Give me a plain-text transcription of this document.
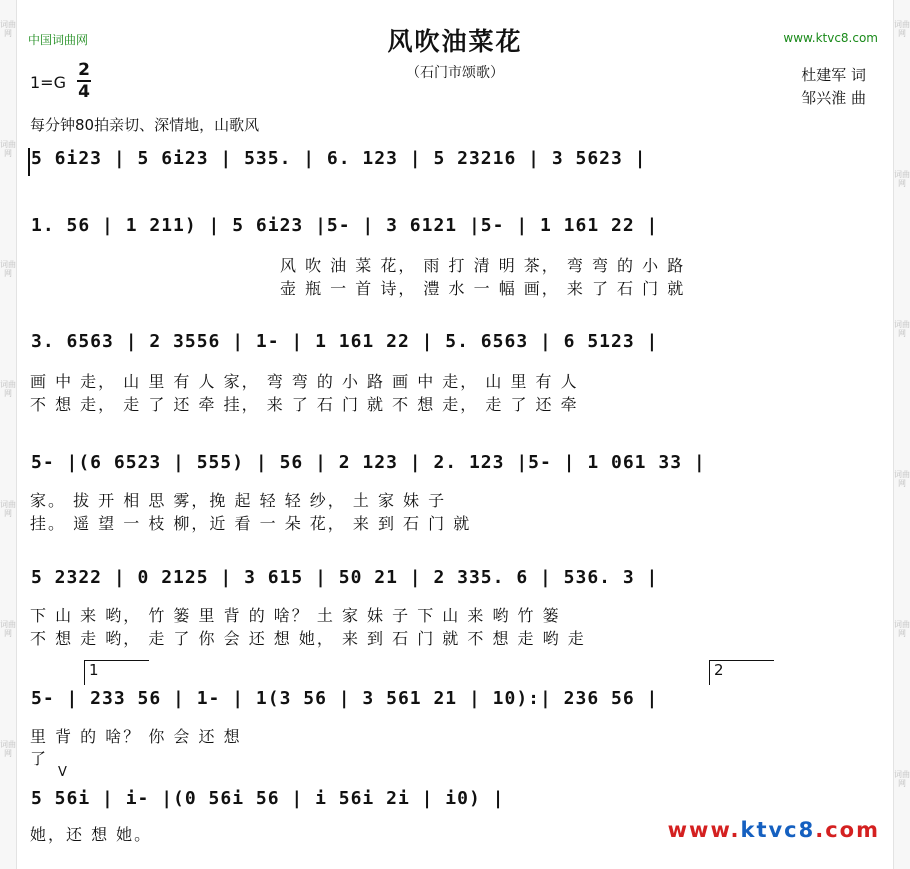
词曲网
词曲网
词曲网
词曲网
词曲网
词曲网
词曲网
词曲网
词曲网
词曲网
词曲网
词曲网
词曲网
中国词曲网	www.ktvc8.com
风吹油菜花
（石门市颂歌）
1=G
2
4
杜建军 词
邹兴淮 曲
每分钟80拍亲切、深情地，山歌风
5 6i23 | 5 6i23 | 535. | 6. 123 | 5 23216 | 3 5623 |
1. 56 | 1 211) | 5 6i23 |5- | 3 6121 |5- | 1 161 22 |
风 吹 油 菜 花， 雨 打 清 明 茶， 弯 弯 的 小 路
壶 瓶 一 首 诗， 澧 水 一 幅 画， 来 了 石 门 就
3. 6563 | 2 3556 | 1- | 1 161 22 | 5. 6563 | 6 5123 |
画 中 走， 山 里 有 人 家， 弯 弯 的 小 路 画 中 走， 山 里 有 人
不 想 走， 走 了 还 牵 挂， 来 了 石 门 就 不 想 走， 走 了 还 牵
5- |(6 6523 | 555) | 56 | 2 123 | 2. 123 |5- | 1 061 33 |
家。 拔 开 相 思 雾，挽 起 轻 轻 纱， 土 家 妹 子
挂。 遥 望 一 枝 柳，近 看 一 朵 花， 来 到 石 门 就
5 2322 | 0 2125 | 3 615 | 50 21 | 2 335. 6 | 536. 3 |
下 山 来 哟， 竹 篓 里 背 的 啥？ 土 家 妹 子 下 山 来 哟 竹 篓
不 想 走 哟， 走 了 你 会 还 想 她， 来 到 石 门 就 不 想 走 哟 走
1	2
5- | 233 56 | 1- | 1(3 56 | 3 561 21 | 10):| 236 56 |
里 背 的 啥？ 你 会 还 想
了
V
5 56i | i- |(0 56i 56 | i 56i 2i | i0) |
她，还 想 她。	www.ktvc8.com
